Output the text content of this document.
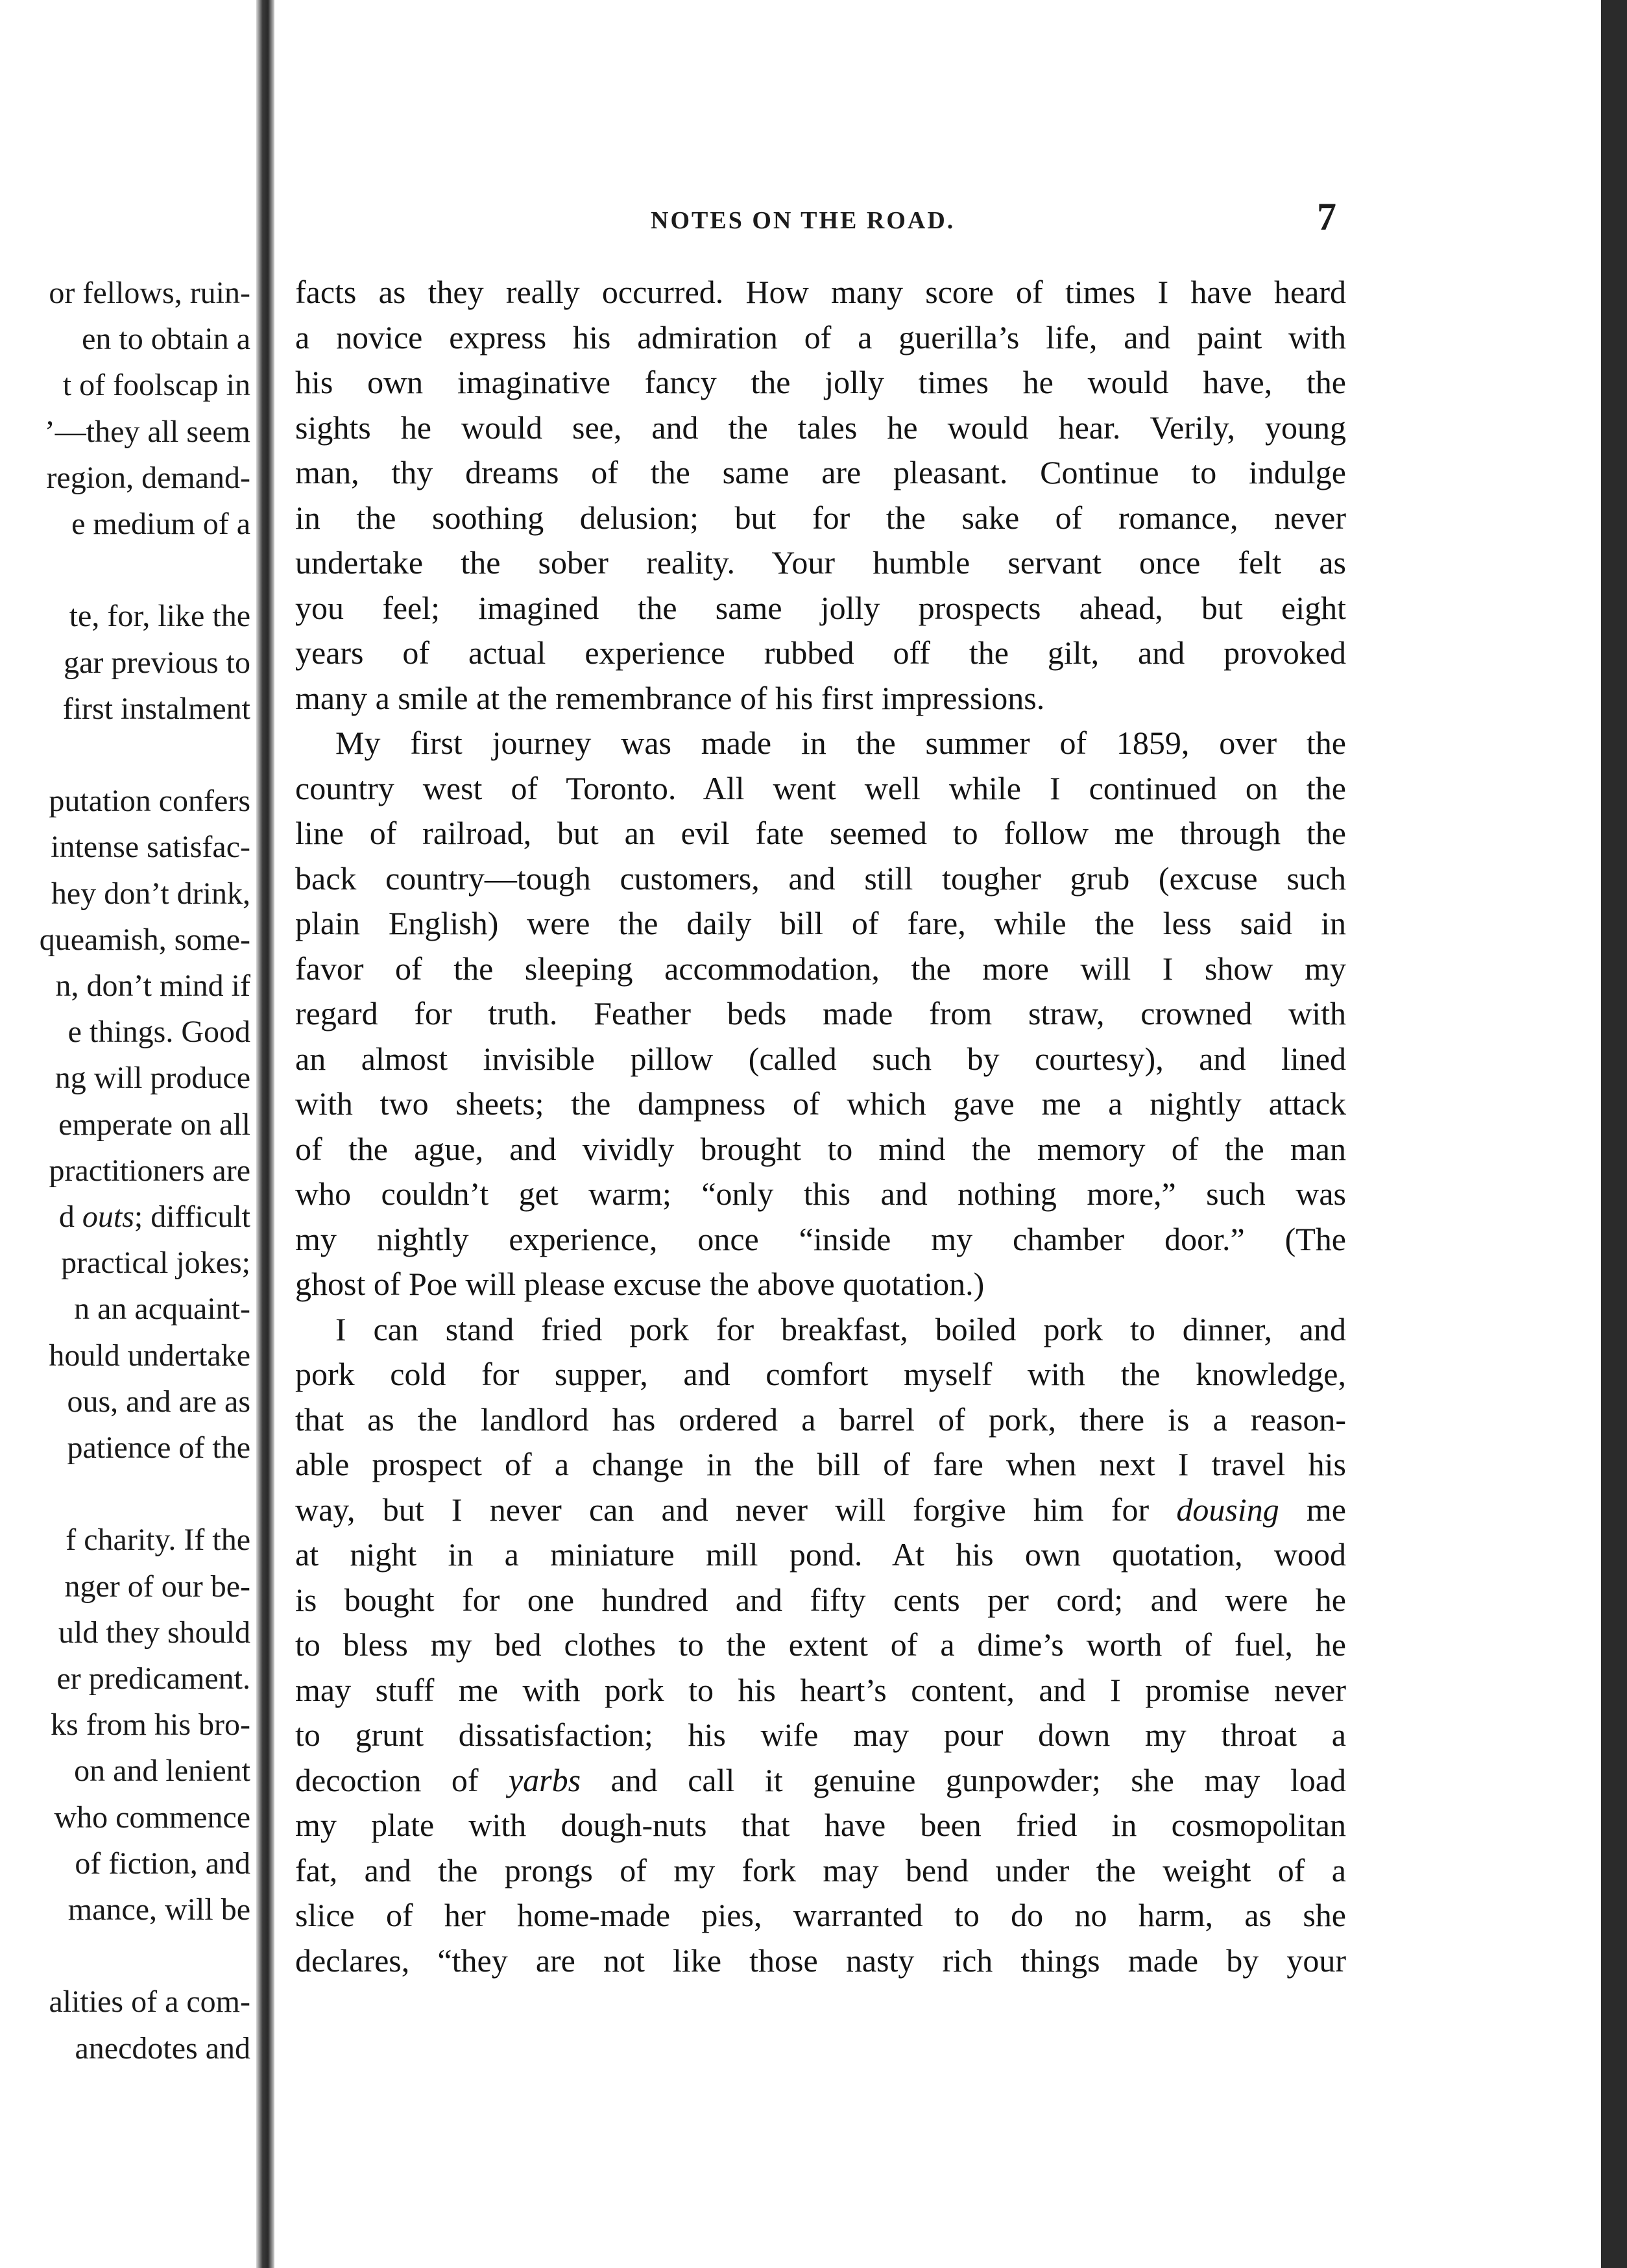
or fellows, ruin-
en to obtain a
t of foolscap in
’—they all seem
region, demand-
e medium of a
te, for, like the
gar previous to
first instalment
putation confers
intense satisfac-
hey don’t drink,
queamish, some-
n, don’t mind if
e things. Good
ng will produce
emperate on all
practitioners are
d outs; difficult
practical jokes;
n an acquaint-
hould undertake
ous, and are as
patience of the
f charity. If the
nger of our be-
uld they should
er predicament.
ks from his bro-
on and lenient
who commence
of fiction, and
mance, will be
alities of a com-
anecdotes and
NOTES ON THE ROAD.	7
facts as they really occurred. How many score of times I have heard
a novice express his admiration of a guerilla’s life, and paint with
his own imaginative fancy the jolly times he would have, the
sights he would see, and the tales he would hear. Verily, young
man, thy dreams of the same are pleasant. Continue to indulge
in the soothing delusion; but for the sake of romance, never
undertake the sober reality. Your humble servant once felt as
you feel; imagined the same jolly prospects ahead, but eight
years of actual experience rubbed off the gilt, and provoked
many a smile at the remembrance of his first impressions.
My first journey was made in the summer of 1859, over the
country west of Toronto. All went well while I continued on the
line of railroad, but an evil fate seemed to follow me through the
back country—tough customers, and still tougher grub (excuse such
plain English) were the daily bill of fare, while the less said in
favor of the sleeping accommodation, the more will I show my
regard for truth. Feather beds made from straw, crowned with
an almost invisible pillow (called such by courtesy), and lined
with two sheets; the dampness of which gave me a nightly attack
of the ague, and vividly brought to mind the memory of the man
who couldn’t get warm; “only this and nothing more,” such was
my nightly experience, once “inside my chamber door.” (The
ghost of Poe will please excuse the above quotation.)
I can stand fried pork for breakfast, boiled pork to dinner, and
pork cold for supper, and comfort myself with the knowledge,
that as the landlord has ordered a barrel of pork, there is a reason-
able prospect of a change in the bill of fare when next I travel his
way, but I never can and never will forgive him for dousing me
at night in a miniature mill pond. At his own quotation, wood
is bought for one hundred and fifty cents per cord; and were he
to bless my bed clothes to the extent of a dime’s worth of fuel, he
may stuff me with pork to his heart’s content, and I promise never
to grunt dissatisfaction; his wife may pour down my throat a
decoction of yarbs and call it genuine gunpowder; she may load
my plate with dough-nuts that have been fried in cosmopolitan
fat, and the prongs of my fork may bend under the weight of a
slice of her home-made pies, warranted to do no harm, as she
declares, “they are not like those nasty rich things made by your
